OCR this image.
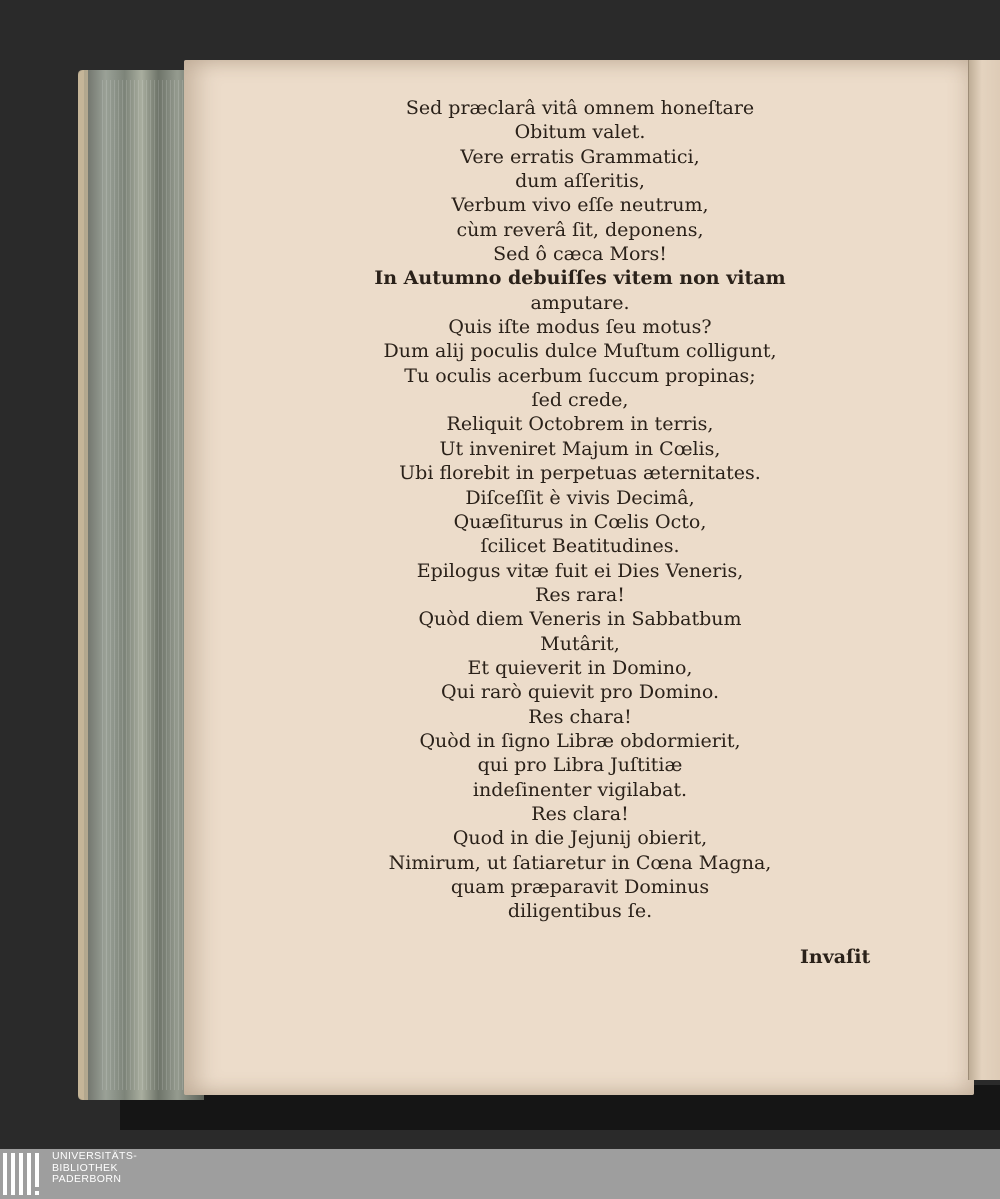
Sed præclarâ vitâ omnem honeſtare
Obitum valet.
Vere erratis Grammatici,
dum aſſeritis,
Verbum vivo eſſe neutrum,
cùm reverâ ſit, deponens,
Sed ô cæca Mors!
In Autumno debuiſſes vitem non vitam
amputare.
Quis iſte modus ſeu motus?
Dum alij poculis dulce Muſtum colligunt,
Tu oculis acerbum ſuccum propinas;
ſed crede,
Reliquit Octobrem in terris,
Ut inveniret Majum in Cœlis,
Ubi florebit in perpetuas æternitates.
Diſceſſit è vivis Decimâ,
Quæſiturus in Cœlis Octo,
ſcilicet Beatitudines.
Epilogus vitæ fuit ei Dies Veneris,
Res rara!
Quòd diem Veneris in Sabbatbum
Mutârit,
Et quieverit in Domino,
Qui rarò quievit pro Domino.
Res chara!
Quòd in ſigno Libræ obdormierit,
qui pro Libra Juſtitiæ
indeſinenter vigilabat.
Res clara!
Quod in die Jejunij obierit,
Nimirum, ut ſatiaretur in Cœna Magna,
quam præparavit Dominus
diligentibus ſe.
Invaſit
UNIVERSITÄTS-
BIBLIOTHEK
PADERBORN
